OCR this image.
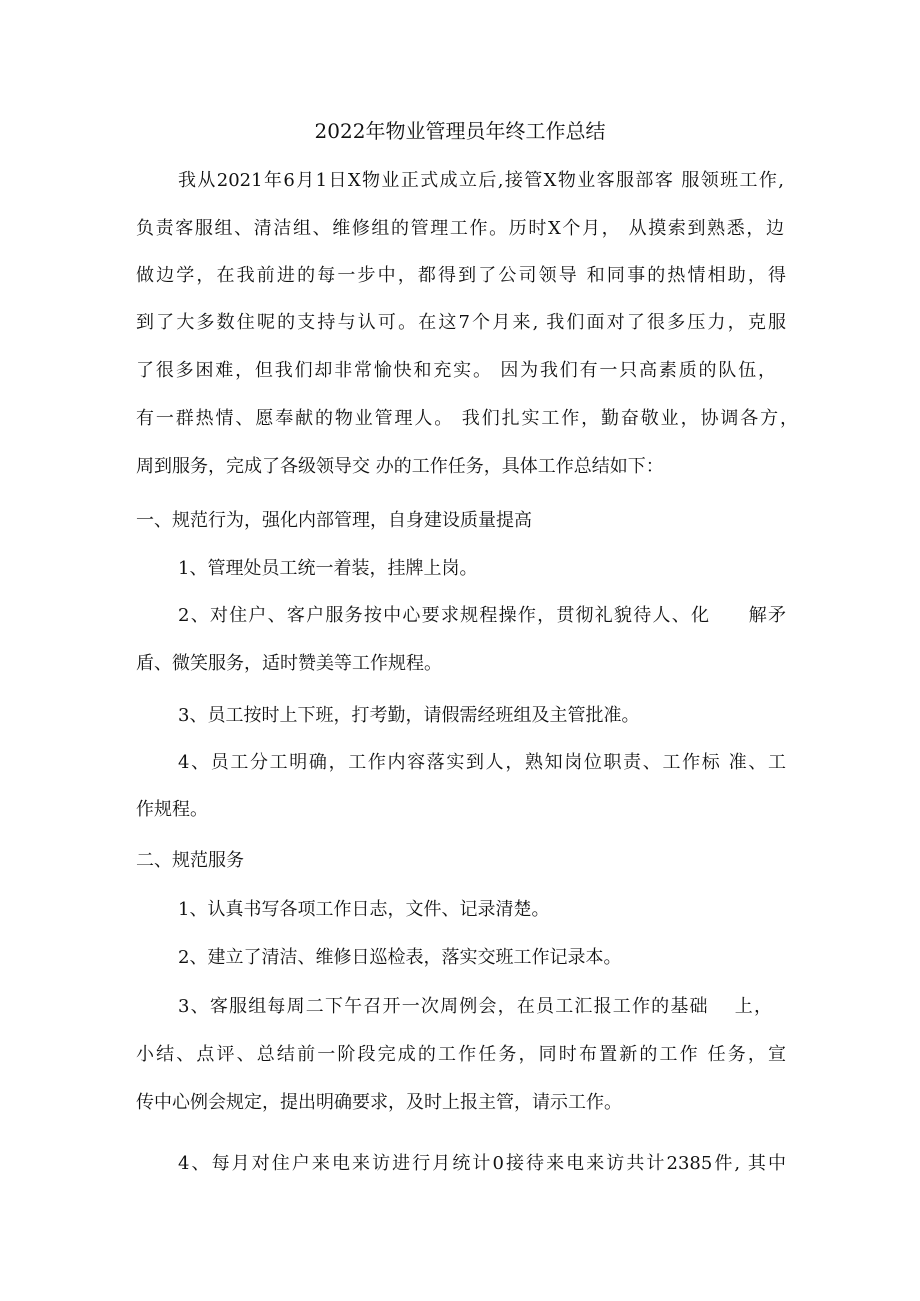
2022年物业管理员年终工作总结
我从2021年6月1日X物业正式成立后,接管X物业客服部客 服领班工作,
负责客服组、清洁组、维修组的管理工作。历时X个月， 从摸索到熟悉，边
做边学，在我前进的每一步中，都得到了公司领导 和同事的热情相助，得
到了大多数住呢的支持与认可。在这7个月来, 我们面对了很多压力，克服
了很多困难，但我们却非常愉快和充实。 因为我们有一只高素质的队伍，
有一群热情、愿奉献的物业管理人。 我们扎实工作，勤奋敬业，协调各方，
周到服务，完成了各级领导交 办的工作任务，具体工作总结如下：
一、规范行为，强化内部管理，自身建设质量提高
1、管理处员工统一着装，挂牌上岗。
2、对住户、客户服务按中心要求规程操作，贯彻礼貌待人、化　　解矛
盾、微笑服务，适时赞美等工作规程。
3、员工按时上下班，打考勤，请假需经班组及主管批准。
4、员工分工明确，工作内容落实到人，熟知岗位职责、工作标 准、工
作规程。
二、规范服务
1、认真书写各项工作日志，文件、记录清楚。
2、建立了清洁、维修日巡检表，落实交班工作记录本。
3、客服组每周二下午召开一次周例会，在员工汇报工作的基础　 上，
小结、点评、总结前一阶段完成的工作任务，同时布置新的工作 任务，宣
传中心例会规定，提出明确要求，及时上报主管，请示工作。
4、每月对住户来电来访进行月统计0接待来电来访共计2385件, 其中
